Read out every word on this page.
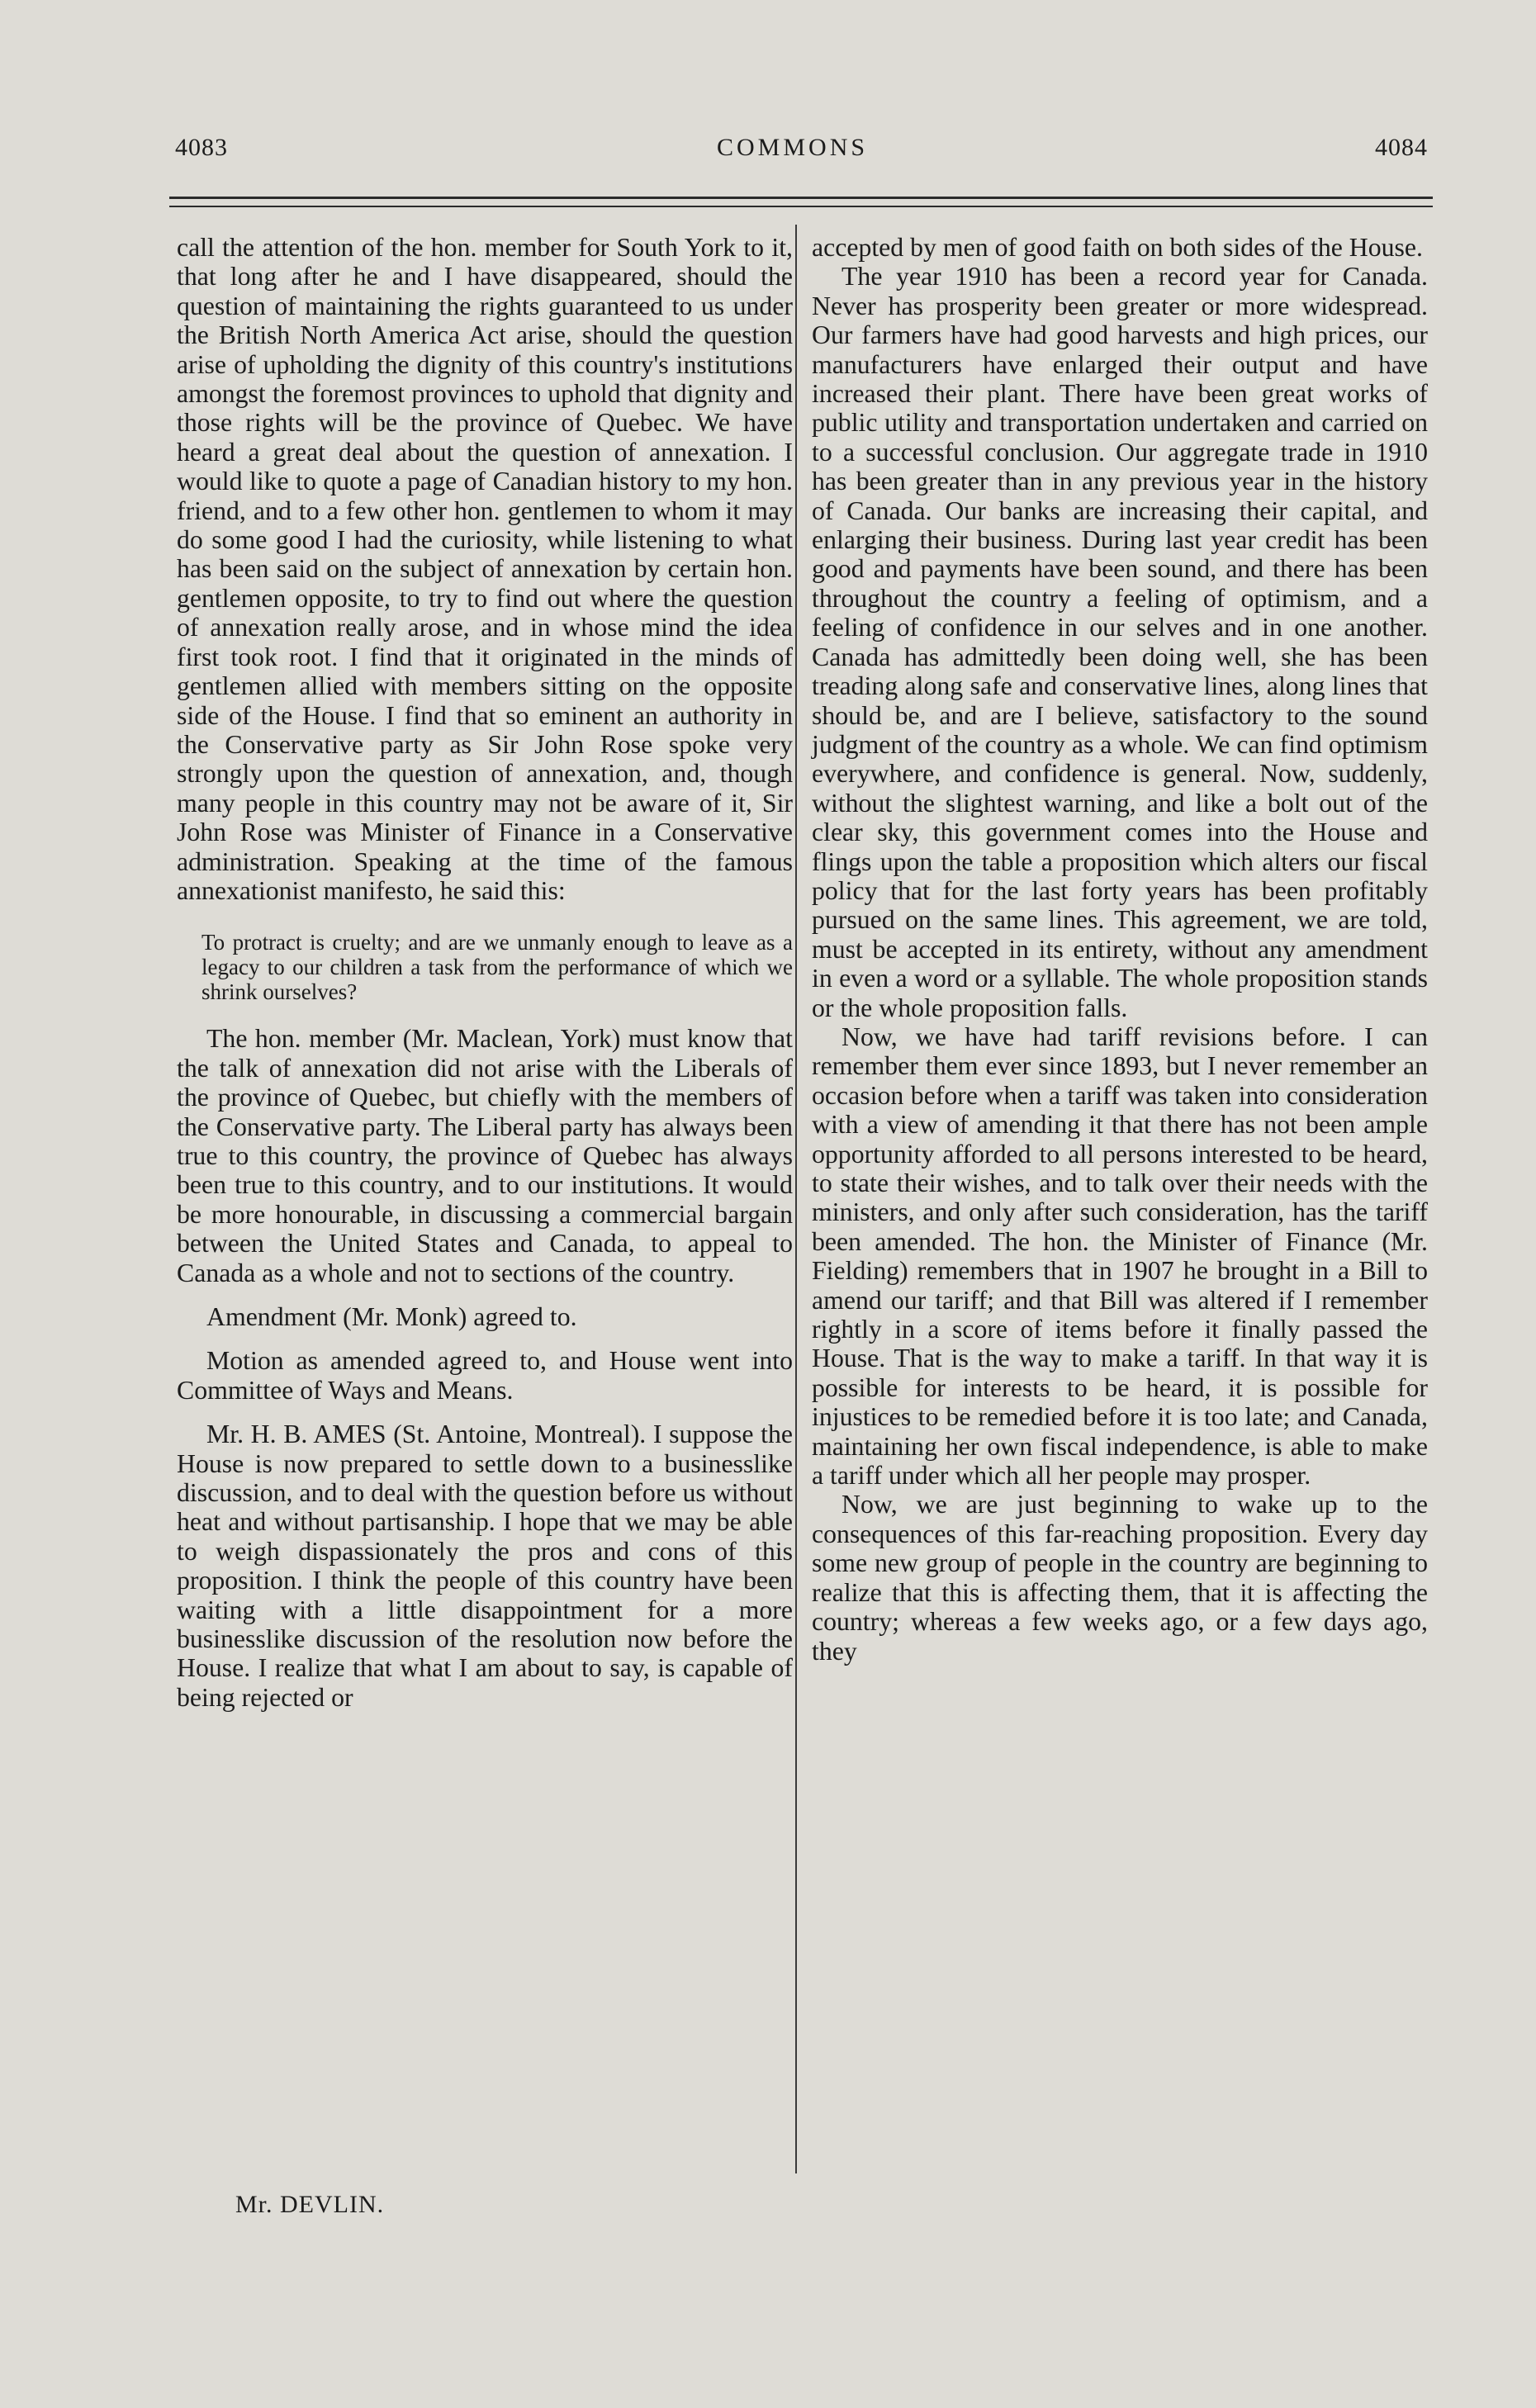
4083	COMMONS	4084

call the attention of the hon. member for South York to it, that long after he and I have disappeared, should the question of maintaining the rights guaranteed to us under the British North America Act arise, should the question arise of upholding the dignity of this country's institutions amongst the foremost provinces to uphold that dignity and those rights will be the province of Quebec. We have heard a great deal about the question of annexation. I would like to quote a page of Canadian history to my hon. friend, and to a few other hon. gentlemen to whom it may do some good I had the curiosity, while listening to what has been said on the subject of annexation by certain hon. gentlemen opposite, to try to find out where the question of annexation really arose, and in whose mind the idea first took root. I find that it originated in the minds of gentlemen allied with members sitting on the opposite side of the House. I find that so eminent an authority in the Conservative party as Sir John Rose spoke very strongly upon the question of annexation, and, though many people in this country may not be aware of it, Sir John Rose was Minister of Finance in a Conservative administration. Speaking at the time of the famous annexationist manifesto, he said this:

To protract is cruelty; and are we unmanly enough to leave as a legacy to our children a task from the performance of which we shrink ourselves?

The hon. member (Mr. Maclean, York) must know that the talk of annexation did not arise with the Liberals of the province of Quebec, but chiefly with the members of the Conservative party. The Liberal party has always been true to this country, the province of Quebec has always been true to this country, and to our institutions. It would be more honourable, in discussing a commercial bargain between the United States and Canada, to appeal to Canada as a whole and not to sections of the country.

Amendment (Mr. Monk) agreed to.

Motion as amended agreed to, and House went into Committee of Ways and Means.

Mr. H. B. AMES (St. Antoine, Montreal). I suppose the House is now prepared to settle down to a businesslike discussion, and to deal with the question before us without heat and without partisanship. I hope that we may be able to weigh dispassionately the pros and cons of this proposition. I think the people of this country have been waiting with a little disappointment for a more businesslike discussion of the resolution now before the House. I realize that what I am about to say, is capable of being rejected or

accepted by men of good faith on both sides of the House.

The year 1910 has been a record year for Canada. Never has prosperity been greater or more widespread. Our farmers have had good harvests and high prices, our manufacturers have enlarged their output and have increased their plant. There have been great works of public utility and transportation undertaken and carried on to a successful conclusion. Our aggregate trade in 1910 has been greater than in any previous year in the history of Canada. Our banks are increasing their capital, and enlarging their business. During last year credit has been good and payments have been sound, and there has been throughout the country a feeling of optimism, and a feeling of confidence in our selves and in one another. Canada has admittedly been doing well, she has been treading along safe and conservative lines, along lines that should be, and are I believe, satisfactory to the sound judgment of the country as a whole. We can find optimism everywhere, and confidence is general. Now, suddenly, without the slightest warning, and like a bolt out of the clear sky, this government comes into the House and flings upon the table a proposition which alters our fiscal policy that for the last forty years has been profitably pursued on the same lines. This agreement, we are told, must be accepted in its entirety, without any amendment in even a word or a syllable. The whole proposition stands or the whole proposition falls.

Now, we have had tariff revisions before. I can remember them ever since 1893, but I never remember an occasion before when a tariff was taken into consideration with a view of amending it that there has not been ample opportunity afforded to all persons interested to be heard, to state their wishes, and to talk over their needs with the ministers, and only after such consideration, has the tariff been amended. The hon. the Minister of Finance (Mr. Fielding) remembers that in 1907 he brought in a Bill to amend our tariff; and that Bill was altered if I remember rightly in a score of items before it finally passed the House. That is the way to make a tariff. In that way it is possible for interests to be heard, it is possible for injustices to be remedied before it is too late; and Canada, maintaining her own fiscal independence, is able to make a tariff under which all her people may prosper.

Now, we are just beginning to wake up to the consequences of this far-reaching proposition. Every day some new group of people in the country are beginning to realize that this is affecting them, that it is affecting the country; whereas a few weeks ago, or a few days ago, they

Mr. DEVLIN.
